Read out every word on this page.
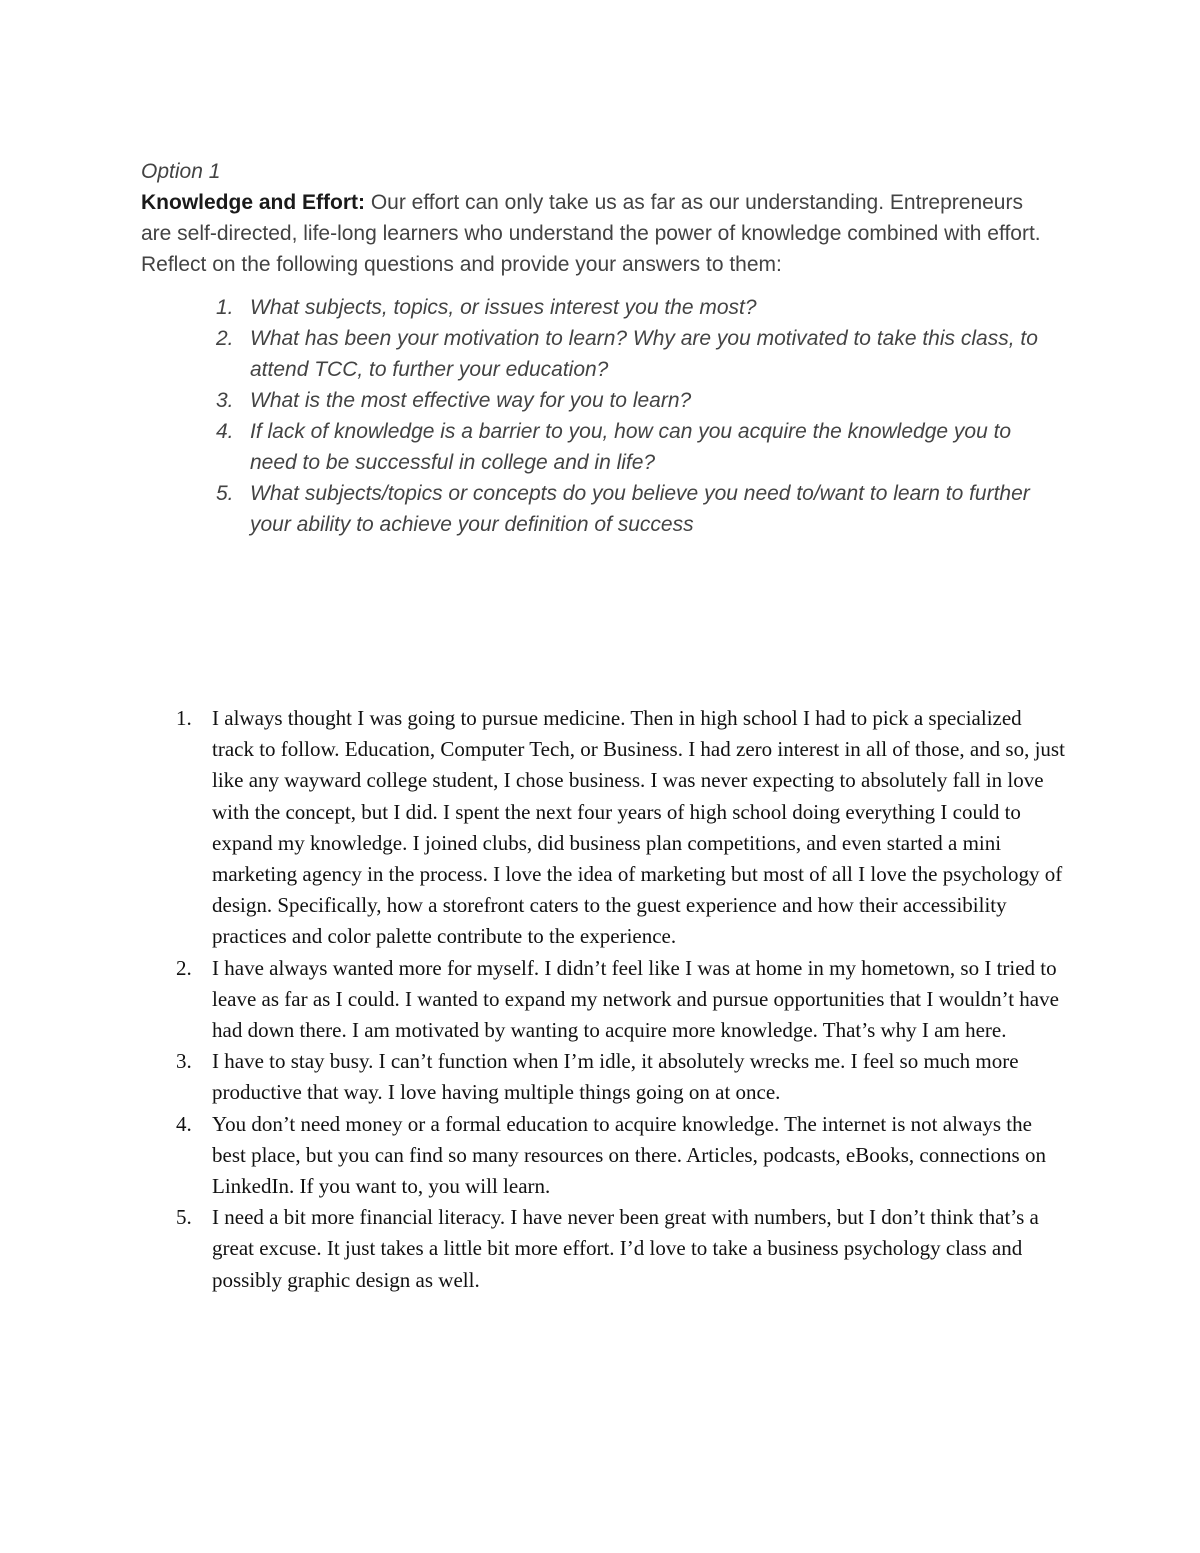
Option 1

Knowledge and Effort: Our effort can only take us as far as our understanding. Entrepreneurs are self-directed, life-long learners who understand the power of knowledge combined with effort. Reflect on the following questions and provide your answers to them:

1. What subjects, topics, or issues interest you the most?
2. What has been your motivation to learn? Why are you motivated to take this class, to attend TCC, to further your education?
3. What is the most effective way for you to learn?
4. If lack of knowledge is a barrier to you, how can you acquire the knowledge you to need to be successful in college and in life?
5. What subjects/topics or concepts do you believe you need to/want to learn to further your ability to achieve your definition of success
1. I always thought I was going to pursue medicine. Then in high school I had to pick a specialized track to follow. Education, Computer Tech, or Business. I had zero interest in all of those, and so, just like any wayward college student, I chose business. I was never expecting to absolutely fall in love with the concept, but I did. I spent the next four years of high school doing everything I could to expand my knowledge. I joined clubs, did business plan competitions, and even started a mini marketing agency in the process. I love the idea of marketing but most of all I love the psychology of design. Specifically, how a storefront caters to the guest experience and how their accessibility practices and color palette contribute to the experience.
2. I have always wanted more for myself. I didn’t feel like I was at home in my hometown, so I tried to leave as far as I could. I wanted to expand my network and pursue opportunities that I wouldn’t have had down there. I am motivated by wanting to acquire more knowledge. That’s why I am here.
3. I have to stay busy. I can’t function when I’m idle, it absolutely wrecks me. I feel so much more productive that way. I love having multiple things going on at once.
4. You don’t need money or a formal education to acquire knowledge. The internet is not always the best place, but you can find so many resources on there. Articles, podcasts, eBooks, connections on LinkedIn. If you want to, you will learn.
5. I need a bit more financial literacy. I have never been great with numbers, but I don’t think that’s a great excuse. It just takes a little bit more effort. I’d love to take a business psychology class and possibly graphic design as well.
